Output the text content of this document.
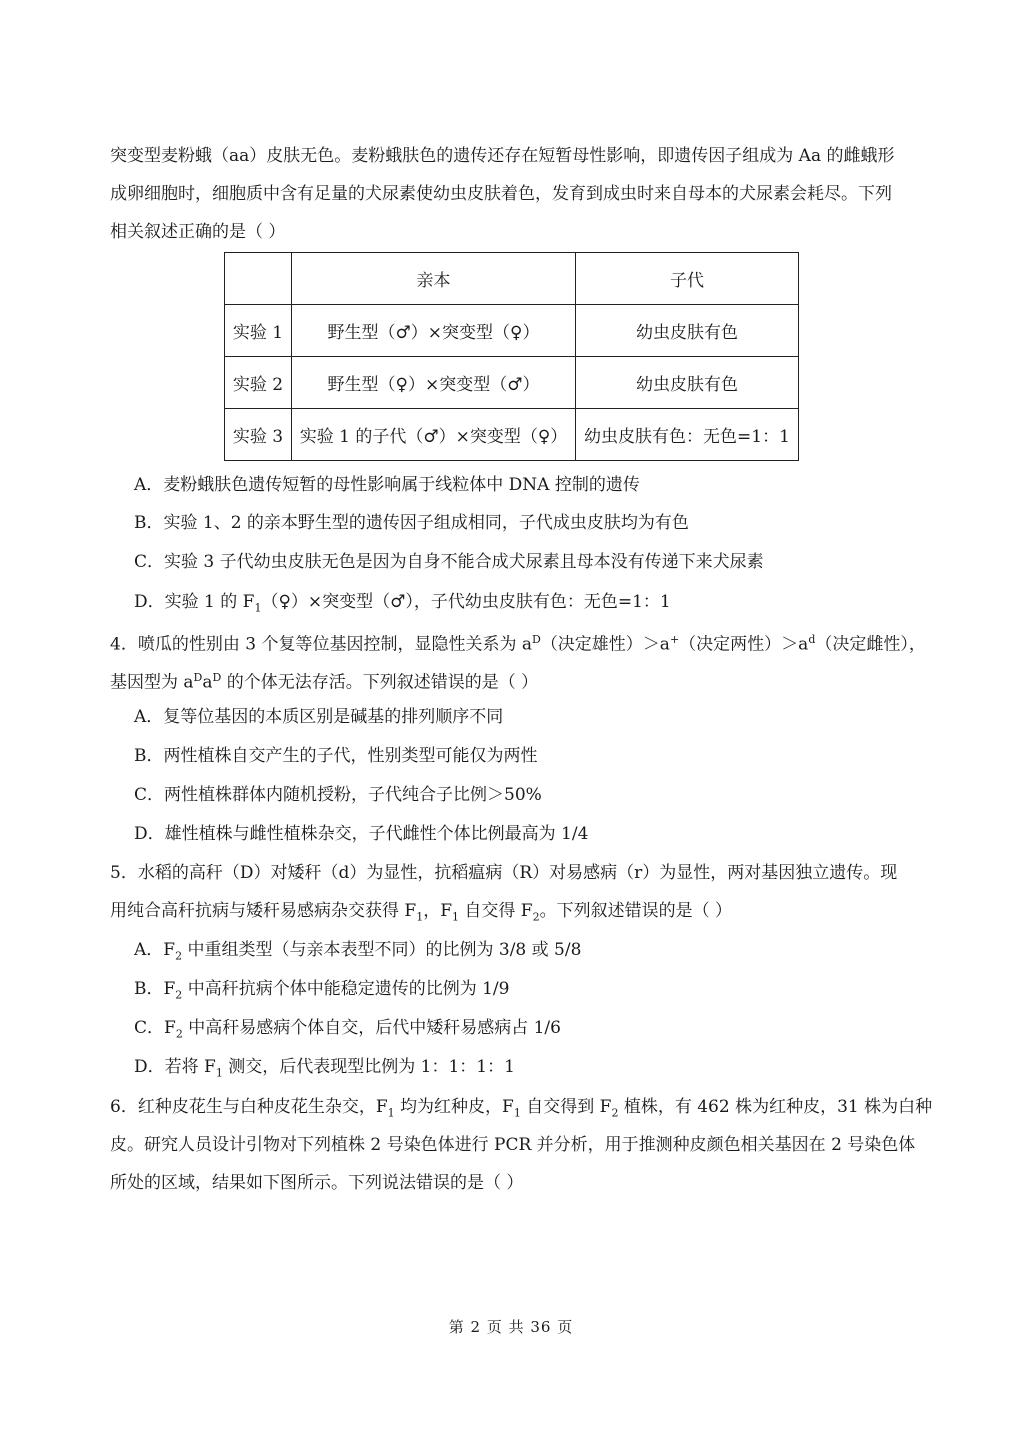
突变型麦粉蛾（aa）皮肤无色。麦粉蛾肤色的遗传还存在短暂母性影响，即遗传因子组成为 Aa 的雌蛾形
成卵细胞时，细胞质中含有足量的犬尿素使幼虫皮肤着色，发育到成虫时来自母本的犬尿素会耗尽。下列
相关叙述正确的是（ ）
	亲本	子代
实验 1	野生型（♂）×突变型（♀）	幼虫皮肤有色
实验 2	野生型（♀）×突变型（♂）	幼虫皮肤有色
实验 3	实验 1 的子代（♂）×突变型（♀）	幼虫皮肤有色：无色=1：1
A．麦粉蛾肤色遗传短暂的母性影响属于线粒体中 DNA 控制的遗传
B．实验 1、2 的亲本野生型的遗传因子组成相同，子代成虫皮肤均为有色
C．实验 3 子代幼虫皮肤无色是因为自身不能合成犬尿素且母本没有传递下来犬尿素
D．实验 1 的 $F_1(♀)\times$突变型（♂），子代幼虫皮肤有色：无色=1：1
4．喷瓜的性别由 3 个复等位基因控制，显隐性关系为 $a^D$（决定雄性）＞a+（决定两性）$>a^d$（决定雌性），
基因型为 $a^Da^D$ 的个体无法存活。下列叙述错误的是（ ）
A．复等位基因的本质区别是碱基的排列顺序不同
B．两性植株自交产生的子代，性别类型可能仅为两性
C．两性植株群体内随机授粉，子代纯合子比例＞50%
D．雄性植株与雌性植株杂交，子代雌性个体比例最高为 1/4
5．水稻的高秆（D）对矮秆（d）为显性，抗稻瘟病（R）对易感病（r）为显性，两对基因独立遗传。现
用纯合高秆抗病与矮秆易感病杂交获得 $F_1$，$F_1$ 自交得 $F_2$。下列叙述错误的是（ ）
A．$F_2$ 中重组类型（与亲本表型不同）的比例为 3/8 或 5/8
B．$F_2$ 中高秆抗病个体中能稳定遗传的比例为 1/9
C．$F_2$ 中高秆易感病个体自交，后代中矮秆易感病占 1/6
D．若将 $F_1$ 测交，后代表现型比例为 1：1：1：1
6．红种皮花生与白种皮花生杂交，$F_1$ 均为红种皮，$F_1$ 自交得到 $F_2$ 植株，有 462 株为红种皮，31 株为白种
皮。研究人员设计引物对下列植株 2 号染色体进行 PCR 并分析，用于推测种皮颜色相关基因在 2 号染色体
所处的区域，结果如下图所示。下列说法错误的是（ ）
第 2 页 共 36 页
